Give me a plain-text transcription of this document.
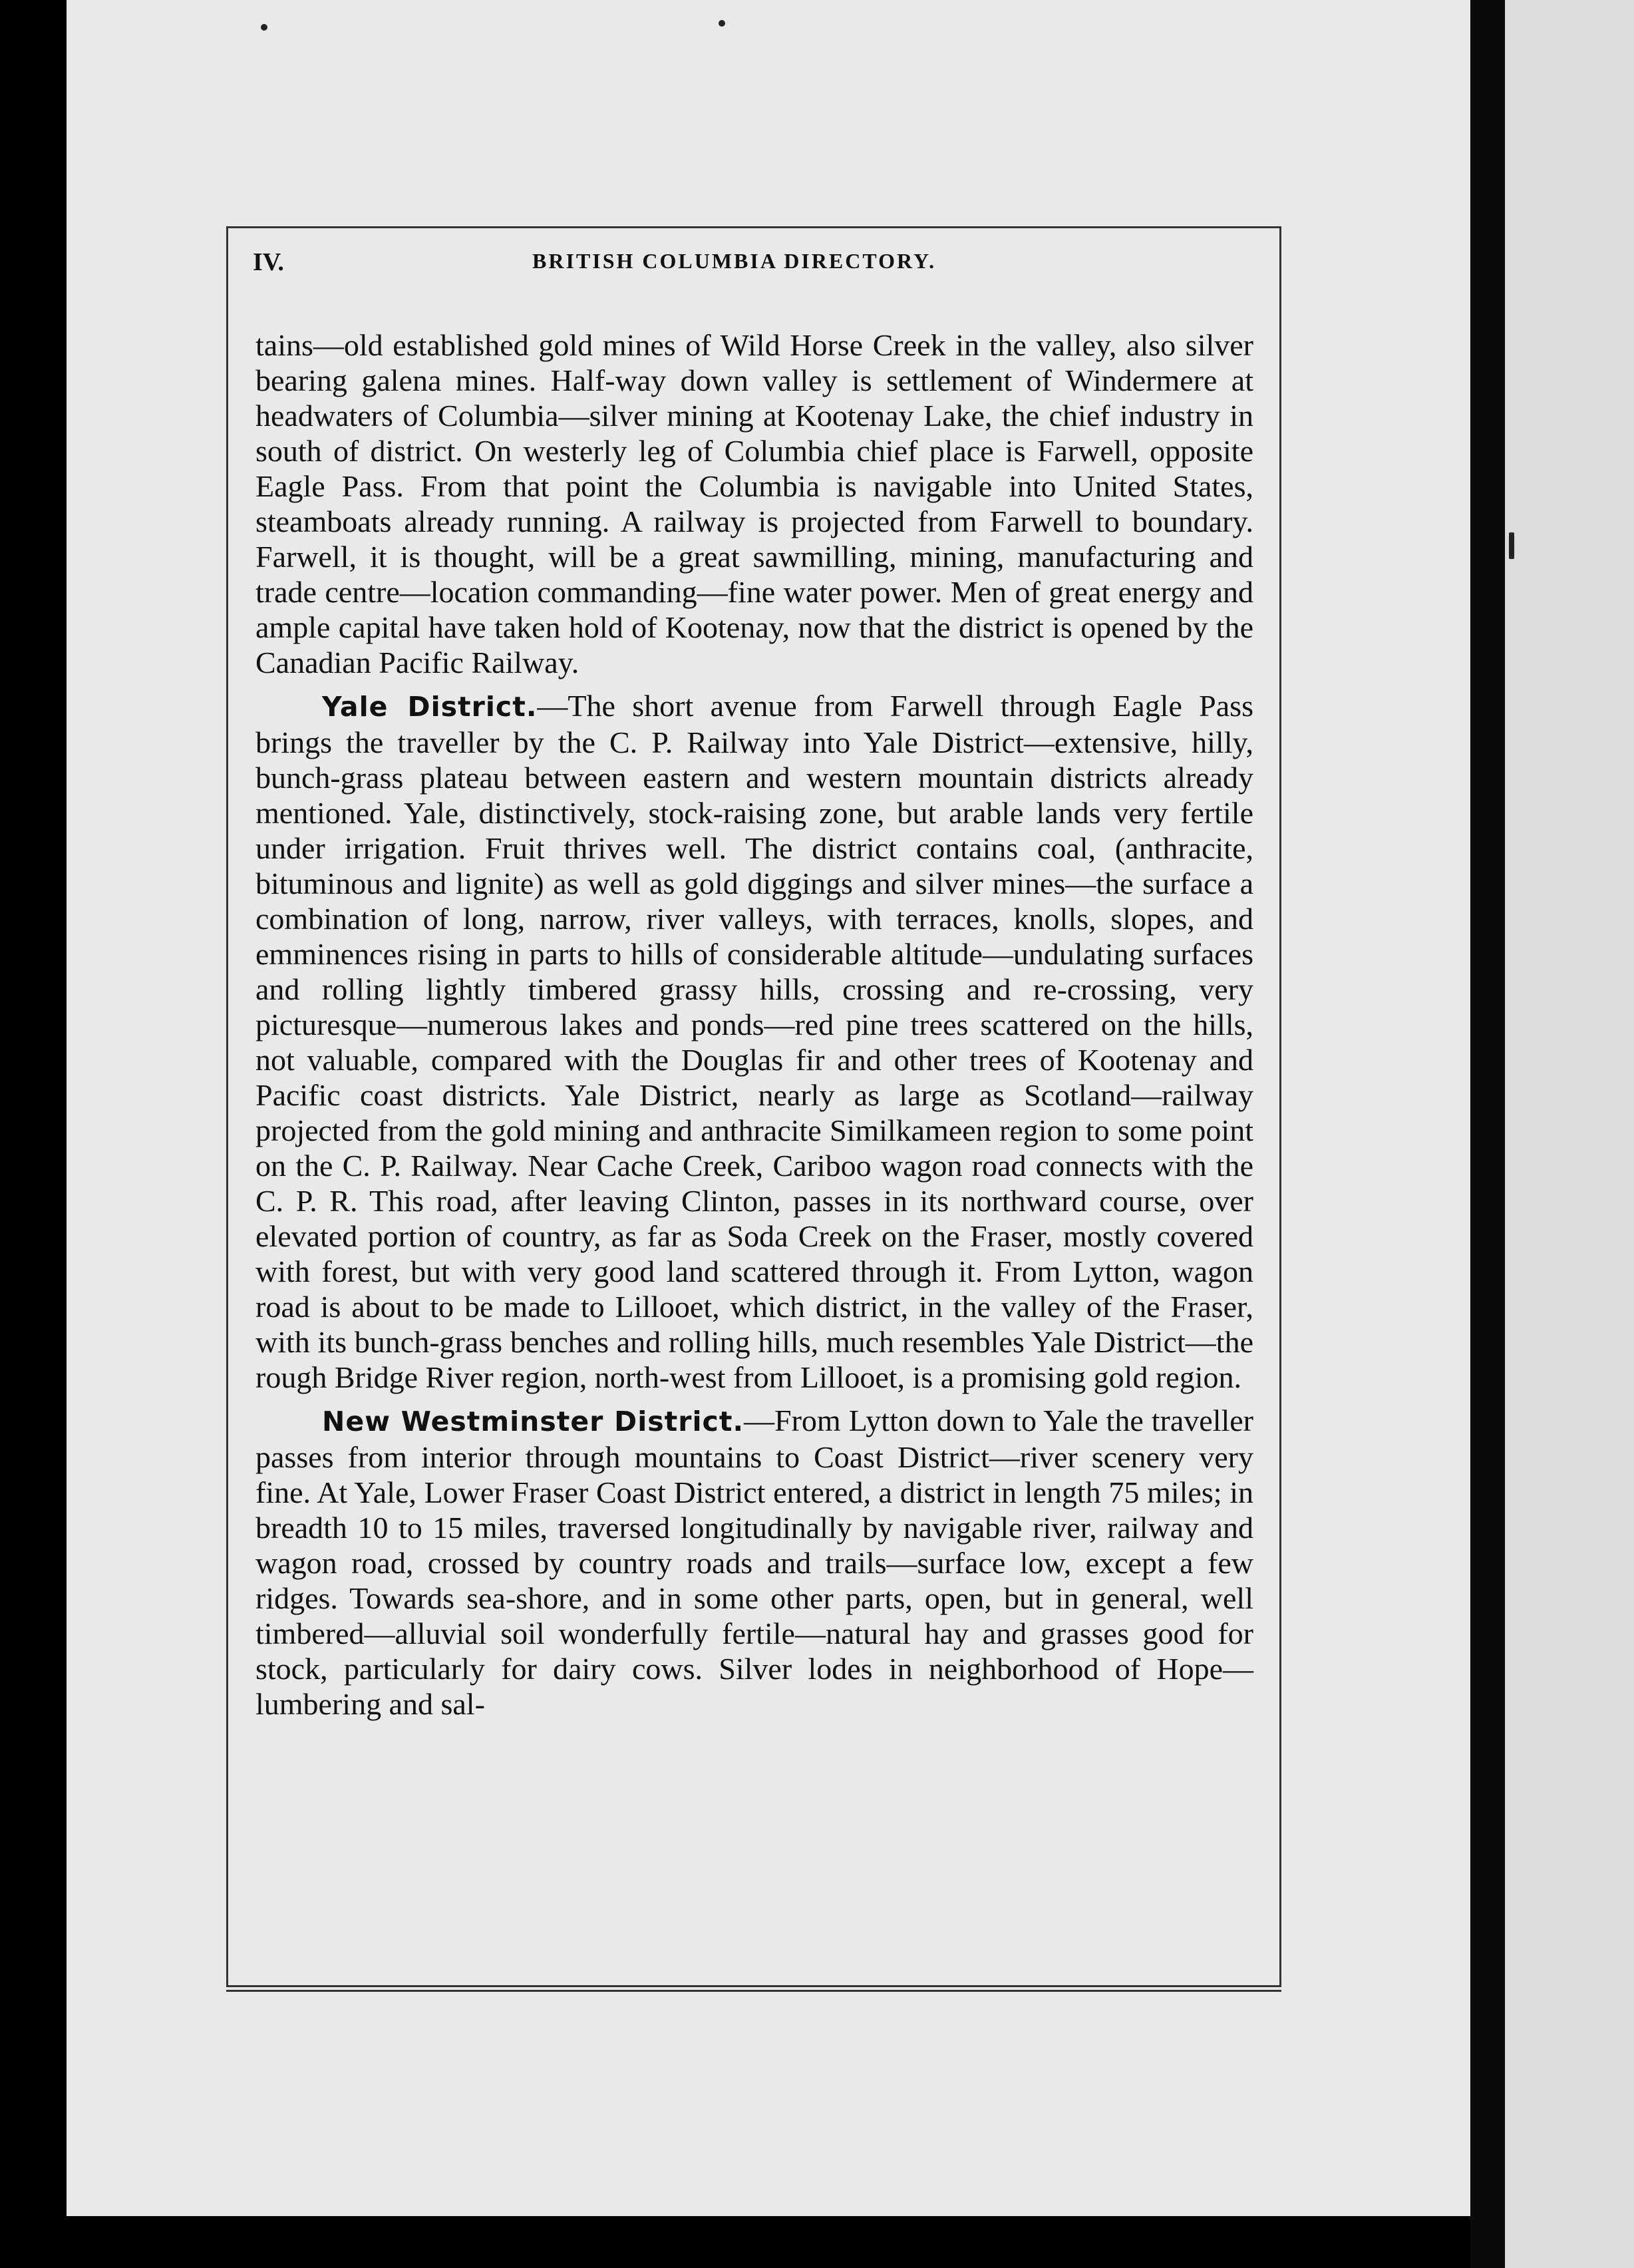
IV.	BRITISH COLUMBIA DIRECTORY.

tains—old established gold mines of Wild Horse Creek in the valley, also silver bearing galena mines. Half-way down valley is settlement of Windermere at headwaters of Columbia—silver mining at Kootenay Lake, the chief industry in south of district. On westerly leg of Columbia chief place is Farwell, opposite Eagle Pass. From that point the Columbia is navigable into United States, steamboats already running. A railway is projected from Farwell to boundary. Farwell, it is thought, will be a great sawmilling, mining, manufacturing and trade centre—location commanding—fine water power. Men of great energy and ample capital have taken hold of Kootenay, now that the district is opened by the Canadian Pacific Railway.

Yale District.—The short avenue from Farwell through Eagle Pass brings the traveller by the C. P. Railway into Yale District—extensive, hilly, bunch-grass plateau between eastern and western mountain districts already mentioned. Yale, distinctively, stock-raising zone, but arable lands very fertile under irrigation. Fruit thrives well. The district contains coal, (anthracite, bituminous and lignite) as well as gold diggings and silver mines—the surface a combination of long, narrow, river valleys, with terraces, knolls, slopes, and emminences rising in parts to hills of considerable altitude—undulating surfaces and rolling lightly timbered grassy hills, crossing and re-crossing, very picturesque—numerous lakes and ponds—red pine trees scattered on the hills, not valuable, compared with the Douglas fir and other trees of Kootenay and Pacific coast districts. Yale District, nearly as large as Scotland—railway projected from the gold mining and anthracite Similkameen region to some point on the C. P. Railway. Near Cache Creek, Cariboo wagon road connects with the C. P. R. This road, after leaving Clinton, passes in its northward course, over elevated portion of country, as far as Soda Creek on the Fraser, mostly covered with forest, but with very good land scattered through it. From Lytton, wagon road is about to be made to Lillooet, which district, in the valley of the Fraser, with its bunch-grass benches and rolling hills, much resembles Yale District—the rough Bridge River region, north-west from Lillooet, is a promising gold region.

New Westminster District.—From Lytton down to Yale the traveller passes from interior through mountains to Coast District—river scenery very fine. At Yale, Lower Fraser Coast District entered, a district in length 75 miles; in breadth 10 to 15 miles, traversed longitudinally by navigable river, railway and wagon road, crossed by country roads and trails—surface low, except a few ridges. Towards sea-shore, and in some other parts, open, but in general, well timbered—alluvial soil wonderfully fertile—natural hay and grasses good for stock, particularly for dairy cows. Silver lodes in neighborhood of Hope—lumbering and sal-
